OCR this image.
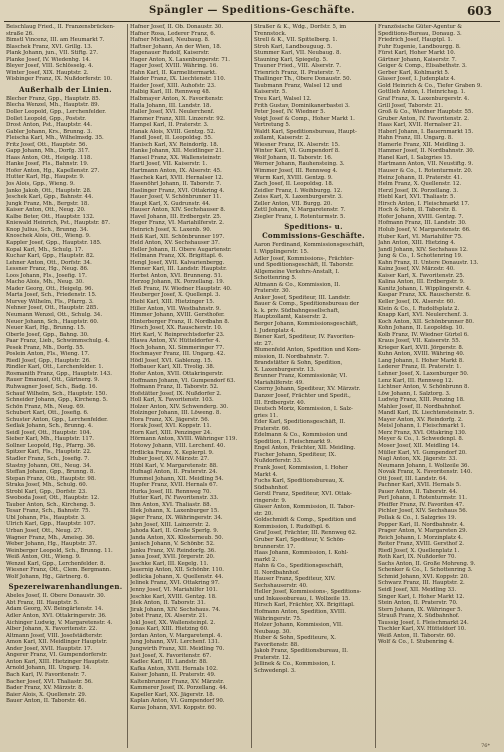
Spängler — Speditions-Geschäfte.	603
Beischlaug Fried., II. Franzensbrücken-
straße 26.
Bimstl Vincenz, III. am Heumarkt 7.
Blaschek Franz, XVI. Grillg. 13.
Plank Johann, jun., VII. Stiftg. 27.
Planke Josef, IV. Wiedenhg. 14.
Bleyer Josef, VIII. Schlösselg. 4.
Winter Josef, XIX. Hauptstr. 2.
Wisbinger Franz, IX. Nußdorferstr. 10.
Außerhalb der Linien.
Blecher Franz, Gpp., Hauptstr. 85.
Blecha Wenzel, Mh., Hauptstr. 89.
Doller Leopold, Gpp., Lerchenfelder.
Dollet Leopold, Gpp., Poststr.
Drost Anton, Pst., Hauptstr. 44.
Gabler Johann, Krs., Brunng. 3.
Fleischa Karl, Mh., Wilhelmsdg. 35.
Fritz Josef, Ott., Hauptstr. 56.
Gapp Johann, Mh., Dorfg. 317.
Haas Anton, Ott., Heigelg. 118.
Hanke Josef, Fls., Bahnstr. 19.
Hofer Anton, Hg., Kapellenstr. 27.
Hutter Karl, Hg., Haupstr. 9.
Jos Alois, Gpp., Wieng. 9.
Janko Jakob, Ott., Hauptstr. 28.
Jeschek Karl, Gpp., Bahnstr. 44.
Jungk Franz, Mh., Bergstr. 18.
Kaiser Anton, Ott., Neug. 20.
Kalbe Beter, Ott., Hauptstr. 132.
Kniewald Heinrich, Pst., Hauptstr. 87.
Knop Julius, Sch., Brunng. 34.
Knoschek Alois, Ott., Wieng. 9.
Kappler Josef, Gpp., Hauptstr. 185.
Kopal Karl, Mh., Schulg. 17.
Kuchar Karl, Gpp., Hauptstr. 82.
Lehner Anton, Ott., Dorfstr. 34.
Lessner Franz, Hg., Neug. 86.
Loos Johann, Fls., Josefig. 17.
Macho Alois, Mh., Neug. 30.
Mader Georg, Ott., Heigelg. 96.
Marta Josef, Sch., Friedenstr. 15.
Murvey Wilhelm, Fls., Pfarrg. 3.
Nehner Josef, Ott., Hauptstr. 285.
Neumann Wenzel, Ott., Schulg. 34.
Neuer Johann, Sch., Hauptstr. 60.
Neuer Karl, Hg., Brunng. 15.
Oberle Josef, Gpp., Bahng. 30.
Paar Franz, Lieb., Schwimmschulg. 4.
Pesek Franz, Mh., Dorfg. 55.
Poslein Anton, Fls., Wieng. 17.
Riedl Josef, Gpp., Hauptstr. 26.
Rindler Karl, Ott., Lerchenfelder. 1.
Rosmanith Franz, Gpp., Hauptstr. 143.
Rauer Emanuel, Ott., Gärtnerg. 9.
Ruhwagner Josef, Sch., Badg. 16.
Schauf Wilhelm, Sch., Hauptstr. 150.
Schneider Johann, Gpp., Kircheng. 5.
Schön Franz, Mh., Neug. 69.
Schubert Karl, Ott., Josefig. 6.
Schuster Anton, Gpp., Lerchenfelder.
Sedlak Johann, Sch., Brunng. 4.
Seidl Josef, Ott., Hauptstr. 104.
Sieber Karl, Mh., Hauptstr. 117.
Sollner Leopold, Hg., Pfarrg. 36.
Spitzer Karl, Fls., Hauptstr. 22.
Stadler Franz, Sch., Josefig. 7.
Stastny Johann, Ott., Neug. 34.
Steffan Johann, Gpp., Brunng. 8.
Stepan Franz, Ott., Hauptstr. 98.
Straka Josef, Mh., Schulg. 60.
Strobl Karl, Gpp., Dorfstr. 23.
Swoboda Josef, Ott., Hauptstr. 12.
Tauber Anton, Sch., Kircheng. 5.
Tesar Franz, Sch., Bahnstr. 75.
Ubl Johann, Fls., Hauptstr. 3.
Ulrich Karl, Gpp., Hauptstr. 107.
Urban Josef, Ott., Neug. 27.
Wagner Franz, Mh., Ameisg. 36.
Weber Johann, Hg., Hauptstr. 37.
Weinberger Leopold, Sch., Brunng. 11.
Weiß Anton, Ott., Wieng. 9.
Wenzel Karl, Gpp., Lerchenfelder. 8.
Wiesner Franz, Ott., Clem. Bergmann.
Wolf Johann, Hg., Gärtnerg. 6.
Spezereiwarenhandlungen.
Abeles Josef, II. Obere Donaustr. 30.
Abt Franz, III. Hauptstr. 5.
Adam Georg, XV. Beingärtenstr. 14.
Adler Anton, XVI. Ottakringerstr. 36.
Aichinger Ludwig, V. Margaretenstr. 4.
Alber Johann, X. Favoritenstr. 22.
Altmann Josef, VIII. Josefstädterstr.
Amon Karl, XII. Meidlinger Hauptstr.
Ander Josef, XVII. Hauptstr. 17.
Angerer Franz, VI. Gumpendorferstr.
Anton Karl, XIII. Hietzinger Hauptstr.
Arnold Johann, III. Ungarg. 14.
Bach Karl, IV. Favoritenstr. 7.
Bacher Josef, XVI. Thaliastr. 56.
Bader Franz, XV. Märzstr. 8.
Baier Alois, X. Quellenstr. 29.
Bauer Anton, II. Taborstr. 46.
Hafner Josef, II. Ob. Donaustr. 30.
Hafner Rosa, Lederer Franz, 6.
Hafner Michael, Neubaug. 8.
Haftner Johann, An der Wien, 18.
Hagenauer Rudolf, Kaiserstr.
Hager Anton, X. Laxenburgerstr. 71.
Hager Josef, XVIII. Währing. 16.
Hahn Karl, II. Karmelitermarkt.
Haider Franz, IX. Liechtenstr. 110.
Haider Josef, XIII. Auhofstr. 23.
Halbig Karl, III. Rennweg 48.
Halbmayer Anton, X. Favoritenstr.
Halla Johann, III. Landstr. 18.
Haller Josef, XVI. Neulerchenf.
Hammer Franz, XIII. Linzerstr. 92.
Hampel Karl, II. Praterstr. 3.
Hanak Alois, XVIII. Gentzg. 52.
Handl Josef, II. Leopoldsg. 55.
Hanisch Karl, XV. Reindorfg. 18.
Hanke Johann, XII. Meidlinger 21.
Hansel Franz, XX. Wallensteinstr.
Hartl Josef, VII. Kaiserstr. 1.
Hartmann Anton, IX. Alserstr. 45.
Haschek Karl, XVII. Hernalser 12.
Hasenöhrl Johann, II. Taborstr. 7.
Haslinger Franz, XVI. Ottakring 4.
Hauer Josef, V. Schönbrunner 11.
Haupt Karl, X. Gudrunstr. 44.
Hauser Anton, XIV. Sechshauser 8.
Havel Johann, III. Erdbergstr. 25.
Heger Franz, VI. Mariahilferstr. 2.
Heinrich Josef, X. Laxenb. 90.
Heiß Karl, XII. Schönbrunner 197.
Held Anton, XV. Sechshauser 37.
Heller Johann, II. Obere Augartenstr.
Hellmann Franz, XX. Brigittapl. 6.
Hengl Josef, XVII. Kalvarienbergg.
Henner Karl, III. Landstr. Hauptstr.
Herbst Anton, XVI. Brunneng. 51.
Herzog Johann, IX. Porzellang. 19.
Heß Franz, IV. Wiedner Hauptstr. 40.
Heuberger Josef, X. Quellenpl. 3.
Hiebl Karl, XIII. Hietzinger 15.
Hiller Anton, VII. Westbahnstr. 9.
Himmer Johann, XVIII. Gersthofer.
Hinterberger Franz, II. Nordbahn 8.
Hirsch Josef, XX. Rauscherstr. 10.
Hirt Karl, V. Reinprechtsdorfer 23.
Hlawa Anton, XV. Hütteldorfer 4.
Hoch Johann, XI. Simmeringer 77.
Hochmayer Franz, III. Ungarg. 42.
Hödl Josef, XVI. Gablenzg. 15.
Hofbauer Karl, XII. Tivolig. 38.
Hofer Anton, XVII. Ottakringerstr.
Hoffmann Johann, VI. Gumpendorf 63.
Hofmann Franz, II. Taborstr. 52.
Hofstätter Josef, IX. Nußdorfer 2.
Holl Karl, X. Favoritenstr. 103.
Holzer Anton, XIV. Schwenderg. 30.
Holzinger Johann, III. Löweng. 8.
Hora Franz, XX. Jägerstr. 56.
Horak Josef, XVI. Koppstr. 11.
Horn Karl, XIII. Penzinger 24.
Hörmann Anton, XVIII. Währinger 119.
Hotowy Johann, VIII. Lerchenf. 40.
Hrdlicka Franz, X. Keplerpl. 9.
Huber Josef, XV. Märzstr. 27.
Hübl Karl, V. Margaretenstr. 88.
Hufnagl Anton, II. Praterstr. 24.
Hummel Johann, XII. Meidling 54.
Hupfer Franz, XVII. Hernals 67.
Hurka Josef, III. Rennweg 70.
Hutter Karl, IV. Favoritenstr. 33.
Ihm Anton, XVI. Thaliastr. 88.
Illek Johann, X. Laxenburger 15.
Jäger Franz, IX. Währingerstr. 34.
Jahn Josef, XIII. Lainzerstr. 2.
Jahoda Karl, II. Große Sperlg. 9.
Janda Anton, XX. Klosterneub. 50.
Janisch Johann, V. Schönbr. 52.
Janku Franz, XV. Reindorfg. 36.
Jansa Josef, XVII. Jörgerstr. 20.
Jaschke Karl, III. Kegelg. 11.
Jauernig Anton, XII. Schönbr. 110.
Jedlicka Johann, X. Quellenstr. 44.
Jelinek Franz, XVI. Ottakring 97.
Jenny Josef, VI. Mariahilfer 101.
Jeschke Karl, XVIII. Gentzg. 18.
Jilek Anton, II. Taborstr. 31.
Jirak Johann, XIV. Sechshaus. 74.
Jobst Franz, IX. Alserstr. 21.
Jokl Josef, XX. Wallensteinpl. 2.
Jonas Karl, XIII. Hietzing 60.
Jordan Anton, V. Margaretenpl. 4.
Jung Johann, XVI. Lerchenf. 131.
Jungwirth Franz, XII. Meidling 70.
Just Josef, X. Favoritenstr. 67.
Kadlec Karl, III. Landstr. 88.
Kafka Anton, XVII. Hernals 102.
Kaiser Johann, II. Praterstr. 49.
Kaltenbrunner Franz, XV. Märzstr.
Kammerer Josef, IX. Porzellang. 44.
Kapeller Karl, XX. Jägerstr. 18.
Kaplan Anton, VI. Gumpendorf 90.
Karas Johann, XVI. Koppstr. 60.
Straßer & K., Wdg., Dorfstr. 5, im
Trennstock.
Strell & K., VII. Spittelberg. 1.
Stroh Karl, Landbouguug. 5.
Stummer Karl, VII. Neubaug. 8.
Stauning Karl, Spiegelg. 5.
Trauner Fried., VIII. Alserstr. 7.
Trienrich Franz, II. Praterstr. 7.
Thallinger Th., Obere Donaustr. 50.
Taubmann Franz, Walsel 12 und
Kaiserstr. 5.
Treu Karl, Walsel 12.
Frith Gustav, Dominikanerbastei 3.
Peter Josef, IV. Wiedner 5.
Voigt Josef & Comp., Hoher Markt 1.
Vertretung 5.
Waldt Karl, Speditionsbureau, Haupt-
zollamt, Kaiserstr. 2.
Wiesner Franz, IX. Alserstr. 15.
Winter Karl, VI. Gumpendorf 8.
Wolf Johann, II. Taborstr. 16.
Werner Johann, Rauhensteing. 3.
Wimmer Josef, III. Rennweg 4.
Wurm Karl, XVIII. Gentzg. 9.
Zach Josef, II. Leopoldsg. 18.
Zeidler Franz, I. Weihburgg. 12.
Zeiss Karl, X. Laxenburgerstr. 3.
Zeller Anton, VII. Burgg. 20.
Zettl Johann, V. Margaretenstr. 7.
Ziegler Franz, I. Rotenturmstr. 5.
Speditions- u. Commissions-Geschäfte.
Aaron Ferdinand, Kommissionsgeschäft,
I. Wipplingerstr. 15.
Adler Josef, Kommissions-, Frächter-
und Speditionsgeschäft, II. Taborstr.
Allgemeine Verkehrs-Anstalt, I.
Schottenring 5.
Altmann & Co., Kommission, II.
Praterstr. 30.
Anker Josef, Spediteur, III. Landstr.
Bauer & Comp., Speditionsbureau der
k. k. priv. Südbahngesellschaft,
Hauptzollamt, Kaiserstr. 2.
Berger Johann, Kommissionsgeschäft,
I. Judenplatz 4.
Biener Karl, Spediteur, IV. Favoriten-
str. 27.
Blumenfeld Anton, Spedition und Kom-
mission, II. Nordbahnstr. 7.
Brandstätter & Sohn, Spedition,
X. Laxenburgerstr. 13.
Brunner Franz, Kommissionär, VI.
Mariahilferstr. 49.
Czerny Johann, Spediteur, XV. Märzstr.
Danzer Josef, Frächter und Spedit.,
III. Erdbergstr. 40.
Deutsch Moriz, Kommission, I. Salz-
gries 11.
Eder Karl, Speditionsgeschäft, II.
Praterstr. 66.
Edelmann & Co., Kommission und
Spedition, I. Fleischmarkt 9.
Engel Anton, Frächter, XII. Meidling.
Fischer Johann, Spediteur, IX.
Nußdorferstr. 33.
Frank Josef, Kommission, I. Hoher
Markt 4.
Fuchs Karl, Speditionsbureau, X.
Südbahnhof.
Gerstl Franz, Spediteur, XVI. Ottak-
ringerstr. 9.
Glaser Anton, Kommission, II. Tabor-
str. 20.
Goldschmidt & Comp., Spedition und
Kommission, I. Rudolfspl. 6.
Graf Josef, Frächter, III. Rennweg 62.
Gruber Karl, Spediteur, V. Schön-
brunnerstr. 17.
Haas Johann, Kommission, I. Kohl-
markt 2.
Hahn & Co., Speditionsgeschäft,
II. Nordbahnhof.
Hauser Franz, Spediteur, XIV.
Sechshauserstr. 40.
Heller Josef, Kommissions-, Speditions-
und Inkassobureau, I. Wollzeile 15.
Hirsch Karl, Frächter, XX. Brigittapl.
Hofmann Anton, Spedition, XVIII.
Währingerstr. 75.
Holzer Johann, Kommission, VII.
Neubaug. 30.
Huber & Sohn, Spediteure, X.
Favoritenstr. 88.
Jakob Franz, Speditionsbureau, II.
Praterstr. 12.
Jellinek & Co., Kommission, I.
Schwedenpl. 3.
Französische Güter-Agentur &
Speditions-Bureau, Donaug. 3.
Friedrich Josef, Hauptpl. 1.
Fuhr Eugenie, Landbourgg. 8.
Fürst Karl, Hoher Markt 10.
Gärtner Johann, Kaiserstr. 7.
Geiger & Comp., Elisabethstr. 3.
Gerber Karl, Kohlmarkt 5.
Glaser Josef, I. Judenplatz 4.
Gold Heinrich & Co., Tiefer Graben 9.
Gottlieb Anton, I. Heinrichsg. 1.
Graf Franz, X. Laxenburgerstr. 4.
Grill Josef, Taborstr. 21.
Groß & Co., Wiedner Hauptstr. 55.
Gruber Anton, IV. Favoritenstr. 2.
Haas Karl, XVII. Hernalser 21.
Haberl Johann, I. Bauernmarkt 15.
Hahn Franz, III. Ungarg. 8.
Hamerle Franz, XII. Meidling 3.
Hammer Josef, II. Nordbahnstr. 30.
Hanel Karl, I. Salzgries 15.
Hartmann Anton, VII. Neustiftg. 9.
Hauser & Co., I. Rotenturmstr. 20.
Heinz Johann, II. Praterstr. 41.
Helm Franz, X. Quellenstr. 12.
Herzl Josef, IX. Porzellang. 3.
Hiebl Karl, XVI. Thaliastr. 5.
Hirsch Anton, I. Fleischmarkt 17.
Hoch & Sohn, II. Taborstr. 8.
Hofer Johann, XVIII. Gentzg. 7.
Hofmann Franz, III. Landstr. 30.
Holub Josef, V. Margaretenstr. 66.
Huber Karl, VI. Mariahilfer 75.
Jahn Anton, XIII. Hietzing 4.
Jandl Johann, XIV. Sechshaus 12.
Jung & Co., I. Schottenring 19.
Kahn Franz, II. Untere Donaustr. 13.
Kainz Josef, XV. Märzstr. 40.
Kaiser Karl, X. Favoritenstr. 25.
Kalina Anton, III. Erdbergstr. 9.
Kanitz Johann, I. Wipplingerstr. 4.
Kaspar Franz, XX. Rauscherstr. 6.
Keller Josef, IX. Alserstr. 60.
Klein & Co., I. Rudolfsplatz 2.
Knapp Karl, XVI. Neulerchenf. 3.
Koch Anton, XII. Schönbrunner 80.
Kohn Johann, II. Leopoldsg. 10.
Kolb Franz, IV. Wiedner Gürtel 6.
Kraus Josef, VII. Kaiserstr. 55.
Krieger Karl, XVII. Jörgerstr. 8.
Kuhn Anton, XVIII. Währing 40.
Lang Johann, I. Hoher Markt 8.
Lederer Franz, II. Praterstr. 1.
Lehner Josef, X. Laxenburger 50.
Lenz Karl, III. Rennweg 12.
Lichtner Anton, V. Schönbrunn 8.
Löw Johann, I. Salztorg. 3.
Ludwig Franz, XIII. Penzing 18.
Mahler Josef, II. Nordbahnhof.
Mandl Karl, IX. Liechtensteinstr. 5.
Mayer Anton, XV. Reindorfg. 2.
Meisl Johann, I. Fleischmarkt 1.
Merz Franz, XVI. Ottakring 130.
Meyer & Co., I. Schwedenpl. 8.
Moser Josef, XII. Meidling 14.
Müller Karl, VI. Gumpendorf 20.
Nagl Anton, XX. Jägerstr. 33.
Neumann Johann, I. Wollzeile 36.
Novak Franz, X. Favoritenstr. 140.
Ott Josef, III. Landstr. 64.
Pachner Karl, XVII. Hernals 5.
Pauer Anton, II. Taborstr. 44.
Perl Johann, I. Rotenturmstr. 11.
Pfeiffer Franz, IV. Favoriten 47.
Pichler Josef, XIV. Sechshaus 56.
Pollak & Co., I. Salzgries 19.
Popper Karl, II. Nordbahnstr. 4.
Prager Anton, V. Margareten 29.
Reich Johann, I. Morzinplatz 4.
Reiter Franz, XVIII. Gersthof 2.
Riedl Josef, X. Quellenplatz 1.
Roth Karl, IX. Nußdorfer 70.
Sachs Anton, II. Große Mohreng. 9.
Schenker & Co., I. Schottenring 3.
Schmid Johann, XVI. Koppstr. 20.
Schwarz Franz, III. Hauptstr. 2.
Seidl Josef, XII. Meidling 33.
Singer Karl, I. Hoher Markt 12.
Stein Anton, II. Praterstr. 70.
Stern Johann, IX. Währinger 5.
Strauß Franz, X. Südbahnhof.
Taussig Josef, I. Fleischmarkt 24.
Tischler Karl, XV. Hütteldorf 10.
Weiß Anton, II. Taborstr. 60.
Wolf & Co., I. Stubenring 4.
76*
